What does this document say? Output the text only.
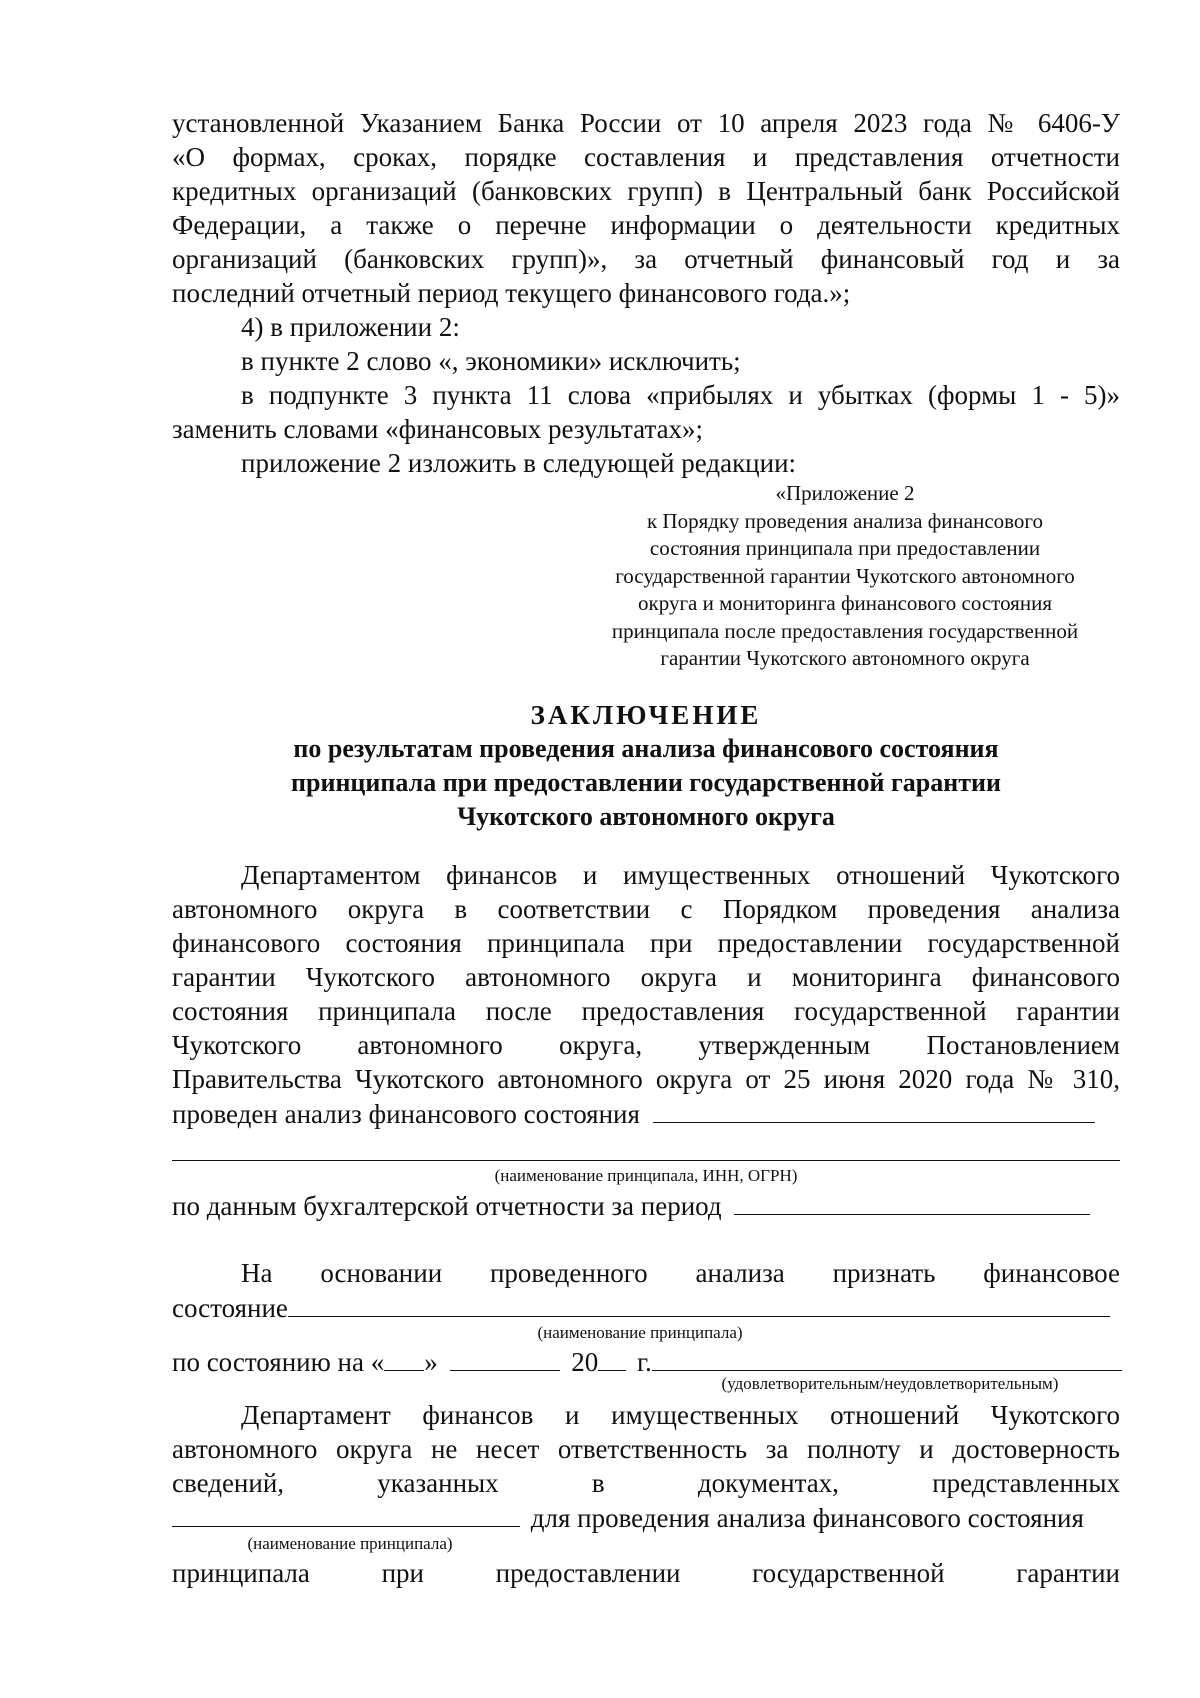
установленной Указанием Банка России от 10 апреля 2023 года № 6406-У
«О формах, сроках, порядке составления и представления отчетности
кредитных организаций (банковских групп) в Центральный банк Российской
Федерации, а также о перечне информации о деятельности кредитных
организаций (банковских групп)», за отчетный финансовый год и за
последний отчетный период текущего финансового года.»;
4) в приложении 2:
в пункте 2 слово «, экономики» исключить;
в подпункте 3 пункта 11 слова «прибылях и убытках (формы 1 - 5)»
заменить словами «финансовых результатах»;
приложение 2 изложить в следующей редакции:
«Приложение 2
к Порядку проведения анализа финансового
состояния принципала при предоставлении
государственной гарантии Чукотского автономного
округа и мониторинга финансового состояния
принципала после предоставления государственной
гарантии Чукотского автономного округа
ЗАКЛЮЧЕНИЕ
по результатам проведения анализа финансового состояния
принципала при предоставлении государственной гарантии
Чукотского автономного округа
Департаментом финансов и имущественных отношений Чукотского
автономного округа в соответствии с Порядком проведения анализа
финансового состояния принципала при предоставлении государственной
гарантии Чукотского автономного округа и мониторинга финансового
состояния принципала после предоставления государственной гарантии
Чукотского автономного округа, утвержденным Постановлением
Правительства Чукотского автономного округа от 25 июня 2020 года № 310,
проведен анализ финансового состояния
(наименование принципала, ИНН, ОГРН)
по данным бухгалтерской отчетности за период
На основании проведенного анализа признать финансовое
состояние
(наименование принципала)
по состоянию на « »	20 г.
(удовлетворительным/неудовлетворительным)
Департамент финансов и имущественных отношений Чукотского
автономного округа не несет ответственность за полноту и достоверность
сведений, указанных в документах, представленных
для проведения анализа финансового состояния
(наименование принципала)
принципала при предоставлении государственной гарантии
